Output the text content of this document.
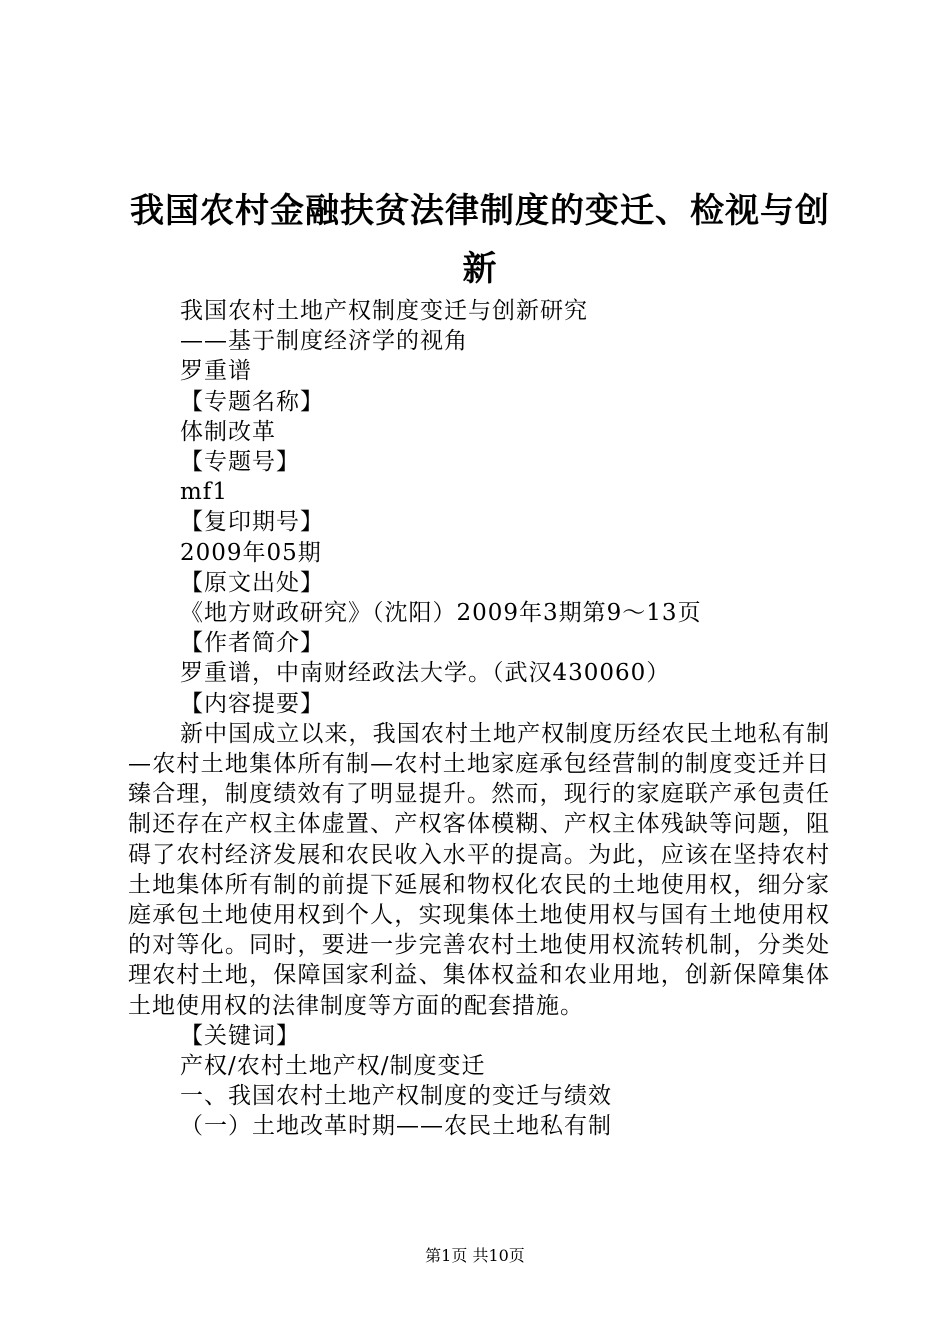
我国农村金融扶贫法律制度的变迁、检视与创新
我国农村土地产权制度变迁与创新研究
——基于制度经济学的视角
罗重谱
【专题名称】
体制改革
【专题号】
mf1
【复印期号】
2009年05期
【原文出处】
《地方财政研究》（沈阳）2009年3期第9～13页
【作者简介】
罗重谱，中南财经政法大学。（武汉430060）
【内容提要】
新中国成立以来，我国农村土地产权制度历经农民土地私有制—农村土地集体所有制—农村土地家庭承包经营制的制度变迁并日臻合理，制度绩效有了明显提升。然而，现行的家庭联产承包责任制还存在产权主体虚置、产权客体模糊、产权主体残缺等问题，阻碍了农村经济发展和农民收入水平的提高。为此，应该在坚持农村土地集体所有制的前提下延展和物权化农民的土地使用权，细分家庭承包土地使用权到个人，实现集体土地使用权与国有土地使用权的对等化。同时，要进一步完善农村土地使用权流转机制，分类处理农村土地，保障国家利益、集体权益和农业用地，创新保障集体土地使用权的法律制度等方面的配套措施。
【关键词】
产权/农村土地产权/制度变迁
一、我国农村土地产权制度的变迁与绩效
（一）土地改革时期——农民土地私有制
第1页 共10页
